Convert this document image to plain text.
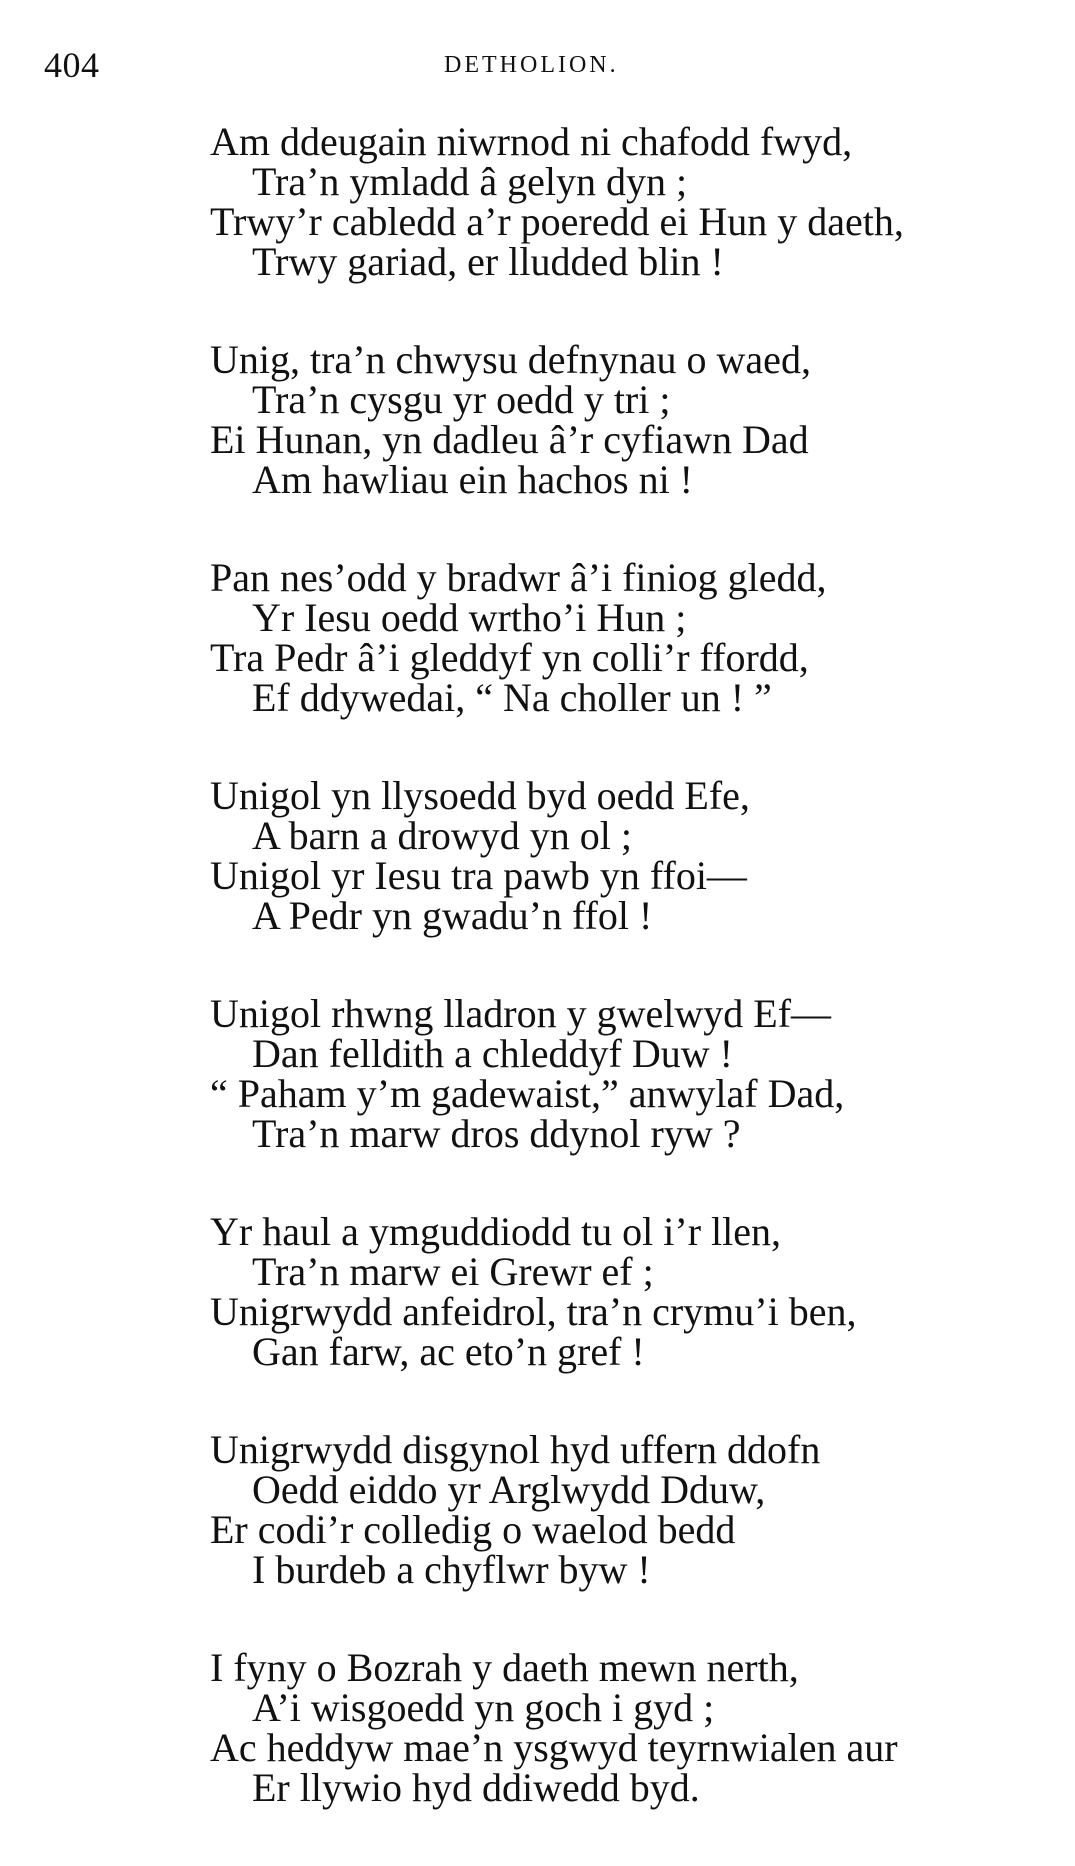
404	DETHOLION.
Am ddeugain niwrnod ni chafodd fwyd,
Tra’n ymladd â gelyn dyn ;
Trwy’r cabledd a’r poeredd ei Hun y daeth,
Trwy gariad, er lludded blin !
Unig, tra’n chwysu defnynau o waed,
Tra’n cysgu yr oedd y tri ;
Ei Hunan, yn dadleu â’r cyfiawn Dad
Am hawliau ein hachos ni !
Pan nes’odd y bradwr â’i finiog gledd,
Yr Iesu oedd wrtho’i Hun ;
Tra Pedr â’i gleddyf yn colli’r ffordd,
Ef ddywedai, “ Na choller un ! ”
Unigol yn llysoedd byd oedd Efe,
A barn a drowyd yn ol ;
Unigol yr Iesu tra pawb yn ffoi—
A Pedr yn gwadu’n ffol !
Unigol rhwng lladron y gwelwyd Ef—
Dan felldith a chleddyf Duw !
“ Paham y’m gadewaist,” anwylaf Dad,
Tra’n marw dros ddynol ryw ?
Yr haul a ymguddiodd tu ol i’r llen,
Tra’n marw ei Grewr ef ;
Unigrwydd anfeidrol, tra’n crymu’i ben,
Gan farw, ac eto’n gref !
Unigrwydd disgynol hyd uffern ddofn
Oedd eiddo yr Arglwydd Dduw,
Er codi’r colledig o waelod bedd
I burdeb a chyflwr byw !
I fyny o Bozrah y daeth mewn nerth,
A’i wisgoedd yn goch i gyd ;
Ac heddyw mae’n ysgwyd teyrnwialen aur
Er llywio hyd ddiwedd byd.
